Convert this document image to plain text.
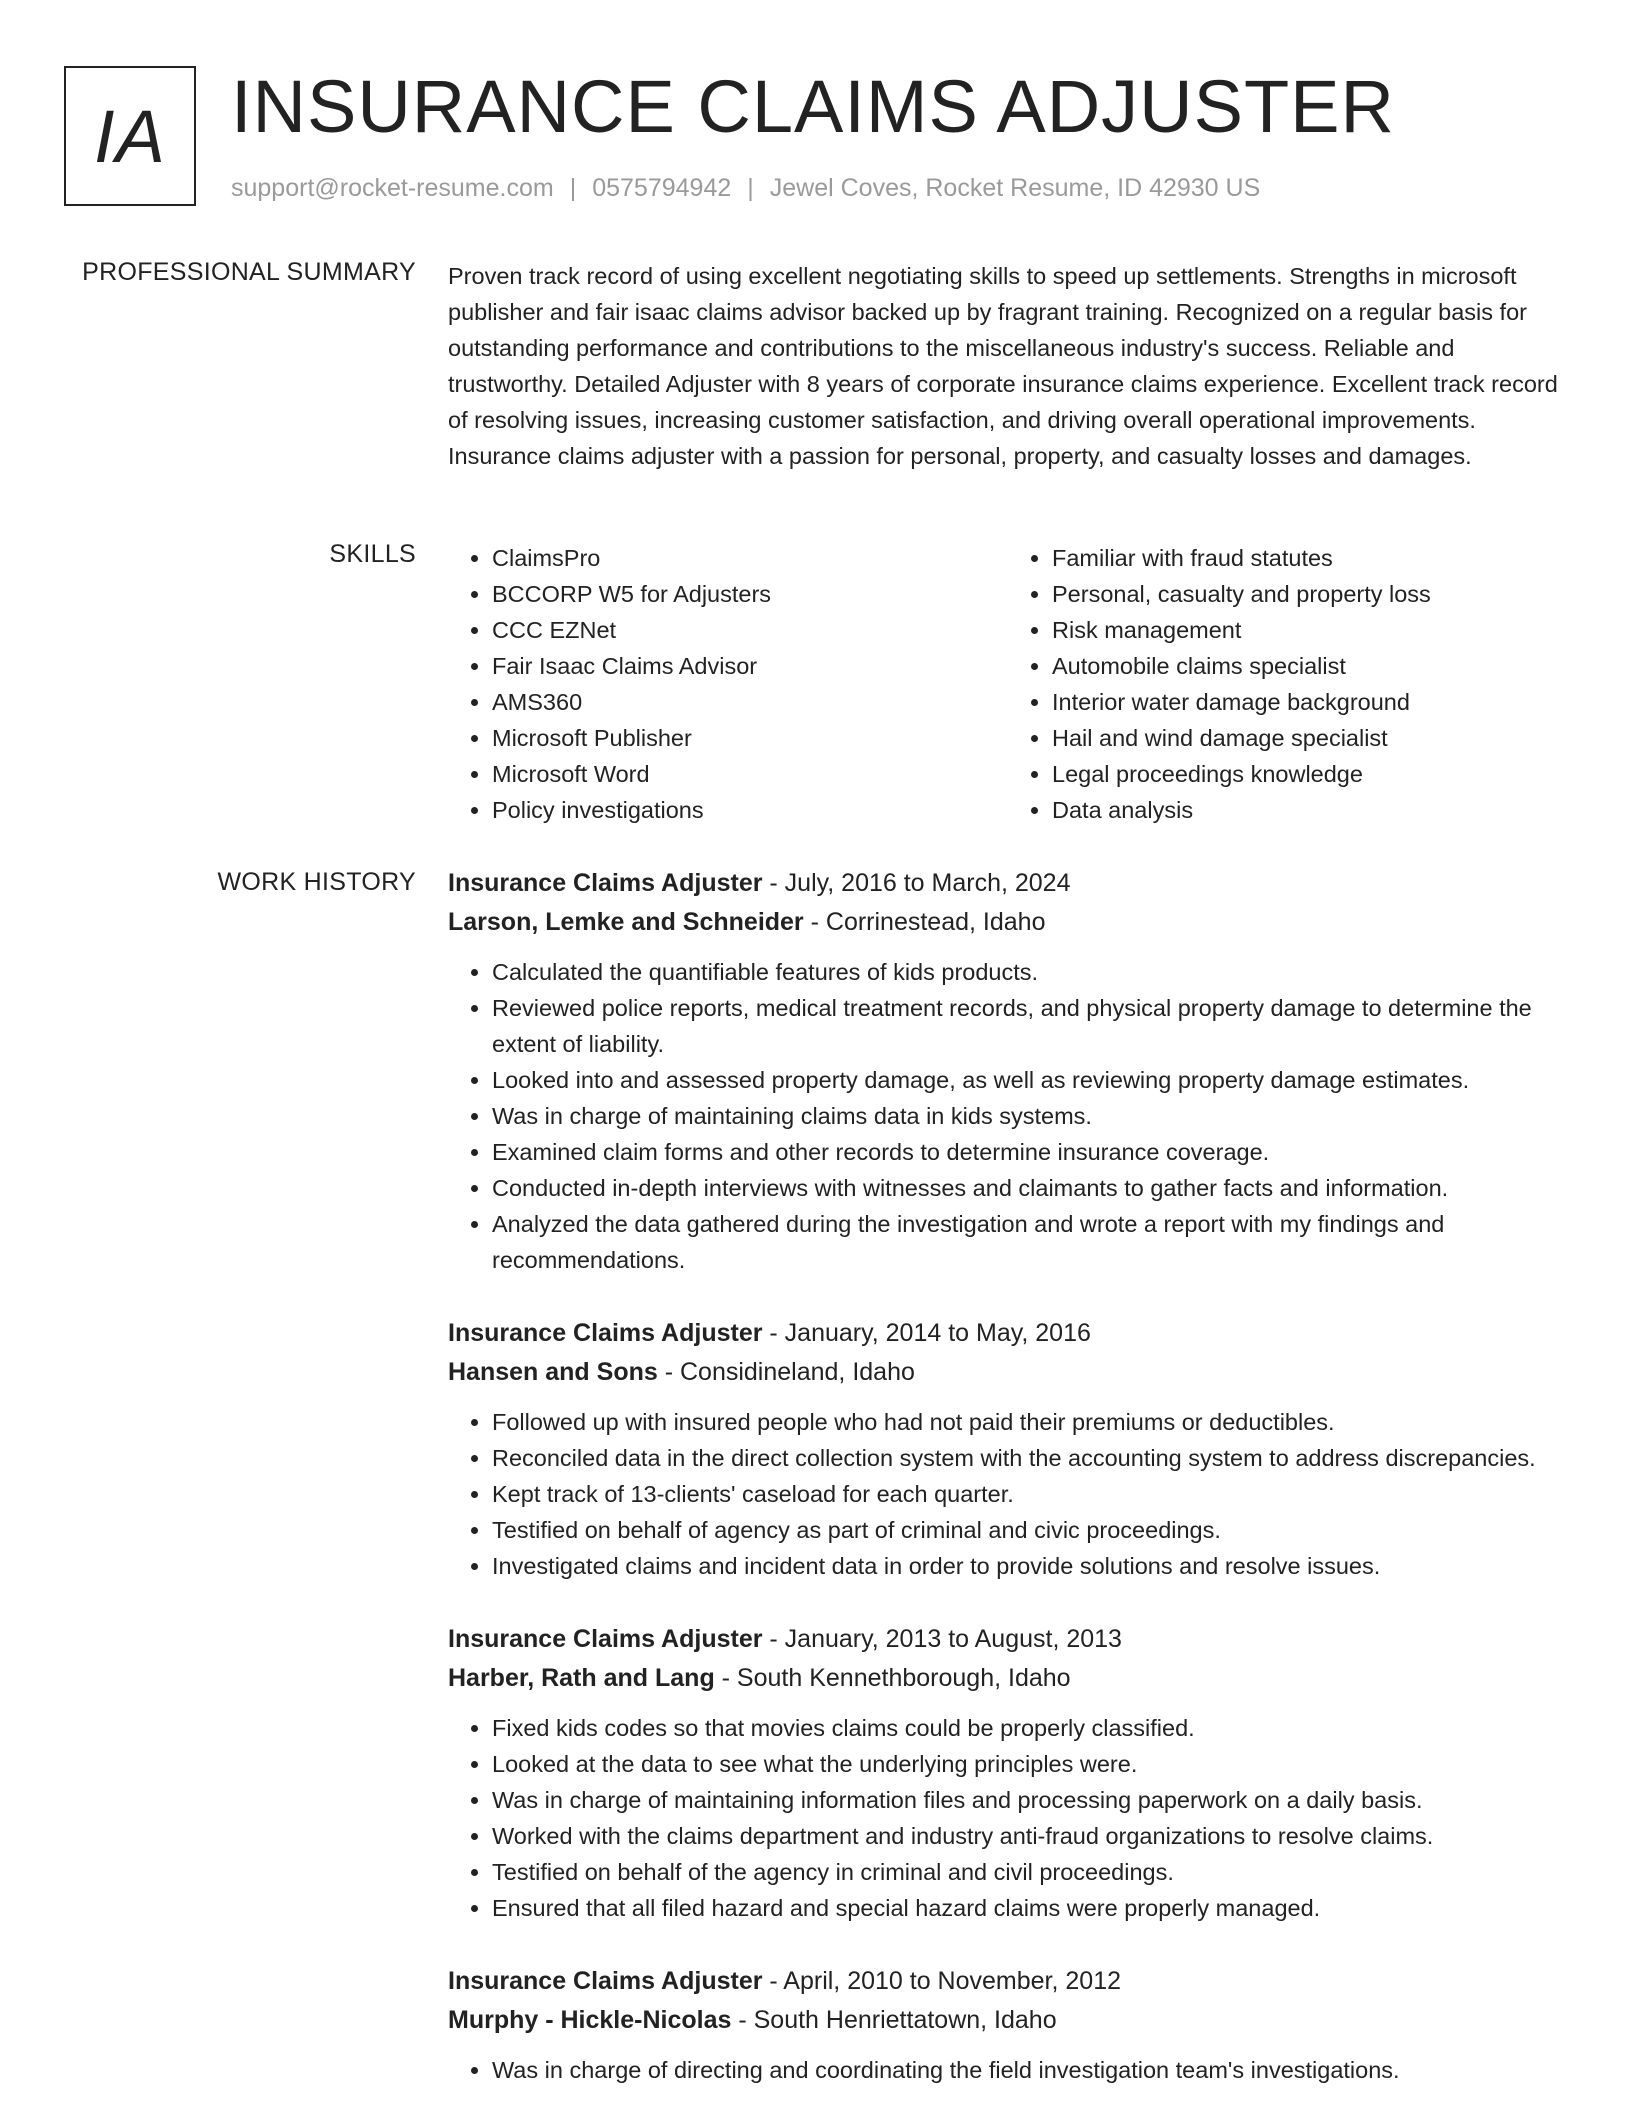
IA INSURANCE CLAIMS ADJUSTER
support@rocket-resume.com | 0575794942 | Jewel Coves, Rocket Resume, ID 42930 US
PROFESSIONAL SUMMARY Proven track record of using excellent negotiating skills to speed up settlements. Strengths in microsoft publisher and fair isaac claims advisor backed up by fragrant training. Recognized on a regular basis for outstanding performance and contributions to the miscellaneous industry's success. Reliable and trustworthy. Detailed Adjuster with 8 years of corporate insurance claims experience. Excellent track record of resolving issues, increasing customer satisfaction, and driving overall operational improvements. Insurance claims adjuster with a passion for personal, property, and casualty losses and damages.

SKILLS
•	ClaimsPro
• BCCORP W5 for Adjusters
• CCC EZNet
• Fair Isaac Claims Advisor
• AMS360
• Microsoft Publisher
• Microsoft Word
• Policy investigations
• Familiar with fraud statutes
• Personal, casualty and property loss
• Risk management
• Automobile claims specialist
• Interior water damage background
• Hail and wind damage specialist
• Legal proceedings knowledge
• Data analysis
WORK HISTORY Insurance Claims Adjuster - July, 2016 to March, 2024
Larson, Lemke and Schneider - Corrinestead, Idaho
• Calculated the quantifiable features of kids products.
• Reviewed police reports, medical treatment records, and physical property damage to determine the extent of liability.
• Looked into and assessed property damage, as well as reviewing property damage estimates.
• Was in charge of maintaining claims data in kids systems.
• Examined claim forms and other records to determine insurance coverage.
• Conducted in-depth interviews with witnesses and claimants to gather facts and information.
• Analyzed the data gathered during the investigation and wrote a report with my findings and recommendations.
Insurance Claims Adjuster - January, 2014 to May, 2016
Hansen and Sons - Considineland, Idaho
• Followed up with insured people who had not paid their premiums or deductibles.
• Reconciled data in the direct collection system with the accounting system to address discrepancies.
• Kept track of 13-clients' caseload for each quarter.
• Testified on behalf of agency as part of criminal and civic proceedings.
• Investigated claims and incident data in order to provide solutions and resolve issues.
Insurance Claims Adjuster - January, 2013 to August, 2013
Harber, Rath and Lang - South Kennethborough, Idaho
• Fixed kids codes so that movies claims could be properly classified.
• Looked at the data to see what the underlying principles were.
• Was in charge of maintaining information files and processing paperwork on a daily basis.
• Worked with the claims department and industry anti-fraud organizations to resolve claims.
• Testified on behalf of the agency in criminal and civil proceedings.
• Ensured that all filed hazard and special hazard claims were properly managed.
Insurance Claims Adjuster - April, 2010 to November, 2012
Murphy - Hickle-Nicolas - South Henriettatown, Idaho
• Was in charge of directing and coordinating the field investigation team's investigations.
